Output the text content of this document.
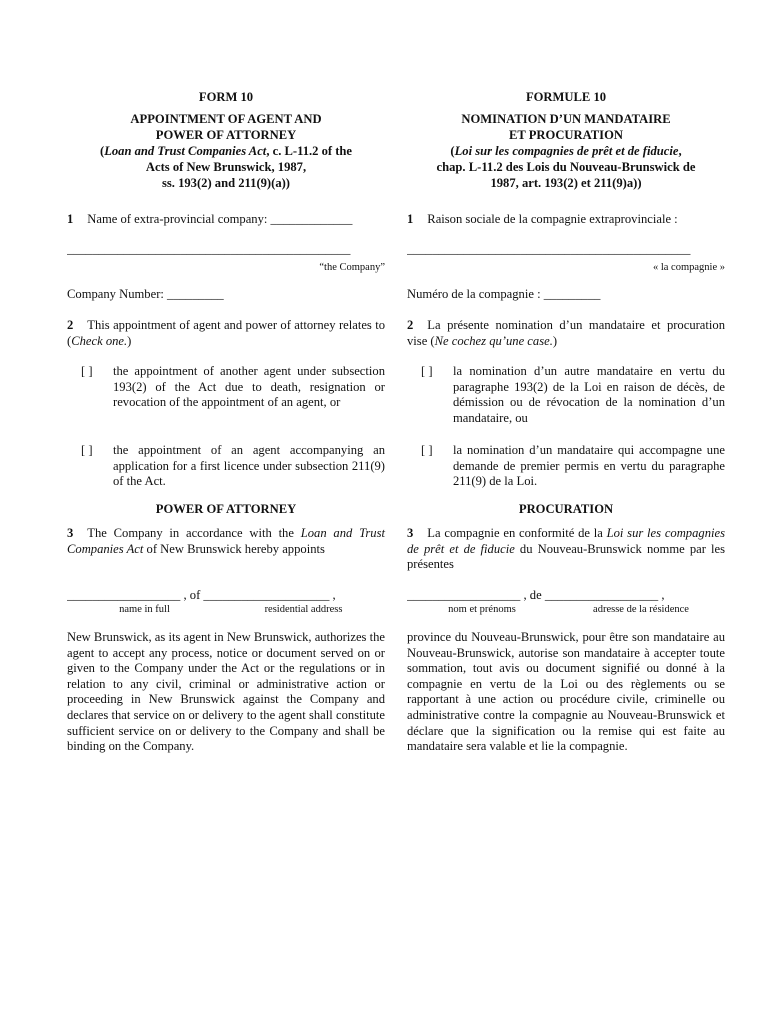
FORM 10
APPOINTMENT OF AGENT AND
POWER OF ATTORNEY
(Loan and Trust Companies Act, c. L-11.2 of the
Acts of New Brunswick, 1987,
ss. 193(2) and 211(9)(a))
1 Name of extra-provincial company: _____________
_____________________________________________
“the Company”
Company Number: _________
2 This appointment of agent and power of attorney relates to (Check one.)
[ ]	the appointment of another agent under subsection 193(2) of the Act due to death, resignation or revocation of the appointment of an agent, or
[ ]	the appointment of an agent accompanying an application for a first licence under subsection 211(9) of the Act.
POWER OF ATTORNEY
3 The Company in accordance with the Loan and Trust Companies Act of New Brunswick hereby appoints
__________________ , of ____________________ ,
name in full	residential address
New Brunswick, as its agent in New Brunswick, authorizes the agent to accept any process, notice or document served on or given to the Company under the Act or the regulations or in relation to any civil, criminal or administrative action or proceeding in New Brunswick against the Company and declares that service on or delivery to the agent shall constitute sufficient service on or delivery to the Company and shall be binding on the Company.
FORMULE 10
NOMINATION D’UN MANDATAIRE
ET PROCURATION
(Loi sur les compagnies de prêt et de fiducie,
chap. L-11.2 des Lois du Nouveau-Brunswick de
1987, art. 193(2) et 211(9)a))
1 Raison sociale de la compagnie extraprovinciale :
_____________________________________________
« la compagnie »
Numéro de la compagnie : _________
2 La présente nomination d’un mandataire et procuration vise (Ne cochez qu’une case.)
[ ]	la nomination d’un autre mandataire en vertu du paragraphe 193(2) de la Loi en raison de décès, de démission ou de révocation de la nomination d’un mandataire, ou
[ ]	la nomination d’un mandataire qui accompagne une demande de premier permis en vertu du paragraphe 211(9) de la Loi.
PROCURATION
3 La compagnie en conformité de la Loi sur les compagnies de prêt et de fiducie du Nouveau-Brunswick nomme par les présentes
__________________ , de __________________ ,
nom et prénoms	adresse de la résidence
province du Nouveau-Brunswick, pour être son mandataire au Nouveau-Brunswick, autorise son mandataire à accepter toute sommation, tout avis ou document signifié ou donné à la compagnie en vertu de la Loi ou des règlements ou se rapportant à une action ou procédure civile, criminelle ou administrative contre la compagnie au Nouveau-Brunswick et déclare que la signification ou la remise qui est faite au mandataire sera valable et lie la compagnie.
